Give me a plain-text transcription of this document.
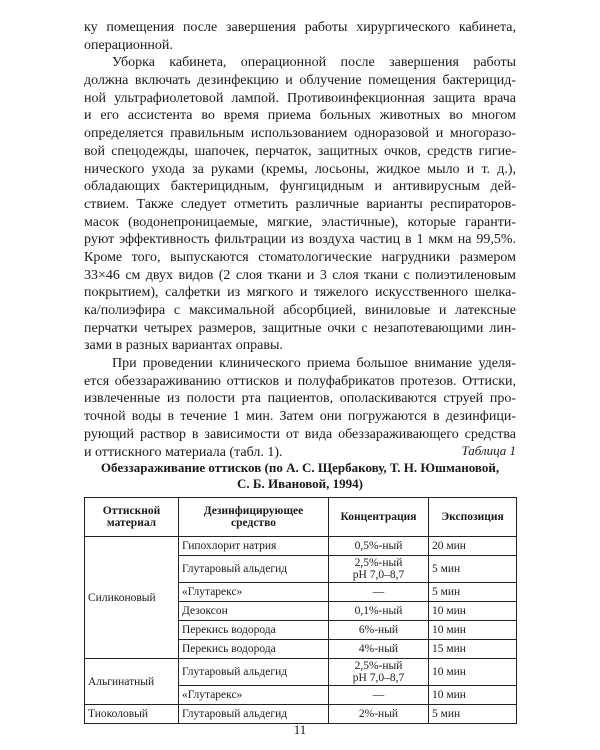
ку помещения после завершения работы хирургического кабинета,
операционной.
Уборка кабинета, операционной после завершения работы
должна включать дезинфекцию и облучение помещения бактерицид-
ной ультрафиолетовой лампой. Противоинфекционная защита врача
и его ассистента во время приема больных животных во многом
определяется правильным использованием одноразовой и многоразо-
вой спецодежды, шапочек, перчаток, защитных очков, средств гигие-
нического ухода за руками (кремы, лосьоны, жидкое мыло и т. д.),
обладающих бактерицидным, фунгицидным и антивирусным дей-
ствием. Также следует отметить различные варианты респираторов-
масок (водонепроницаемые, мягкие, эластичные), которые гаранти-
руют эффективность фильтрации из воздуха частиц в 1 мкм на 99,5%.
Кроме того, выпускаются стоматологические нагрудники размером
33×46 см двух видов (2 слоя ткани и 3 слоя ткани с полиэтиленовым
покрытием), салфетки из мягкого и тяжелого искусственного шелка-
ка/полиэфира с максимальной абсорбцией, виниловые и латексные
перчатки четырех размеров, защитные очки с незапотевающими лин-
зами в разных вариантах оправы.
При проведении клинического приема большое внимание уделя-
ется обеззараживанию оттисков и полуфабрикатов протезов. Оттиски,
извлеченные из полости рта пациентов, ополаскиваются струей про-
точной воды в течение 1 мин. Затем они погружаются в дезинфици-
рующий раствор в зависимости от вида обеззараживающего средства
и оттискного материала (табл. 1).	Таблица 1
Обеззараживание оттисков (по А. С. Щербакову, Т. Н. Юшмановой,
С. Б. Ивановой, 1994)
Оттискной материал	Дезинфицирующее средство	Концентрация	Экспозиция
Силиконовый	Гипохлорит натрия	0,5%-ный	20 мин
	Глутаровый альдегид	2,5%-ный
pH 7,0–8,7	5 мин
	«Глутарекс»	—	5 мин
	Дезоксон	0,1%-ный	10 мин
	Перекись водорода	6%-ный	10 мин
	Перекись водорода	4%-ный	15 мин
Альгинатный	Глутаровый альдегид	2,5%-ный
pH 7,0–8,7	10 мин
	«Глутарекс»	—	10 мин
Тиоколовый	Глутаровый альдегид	2%-ный	5 мин
11
